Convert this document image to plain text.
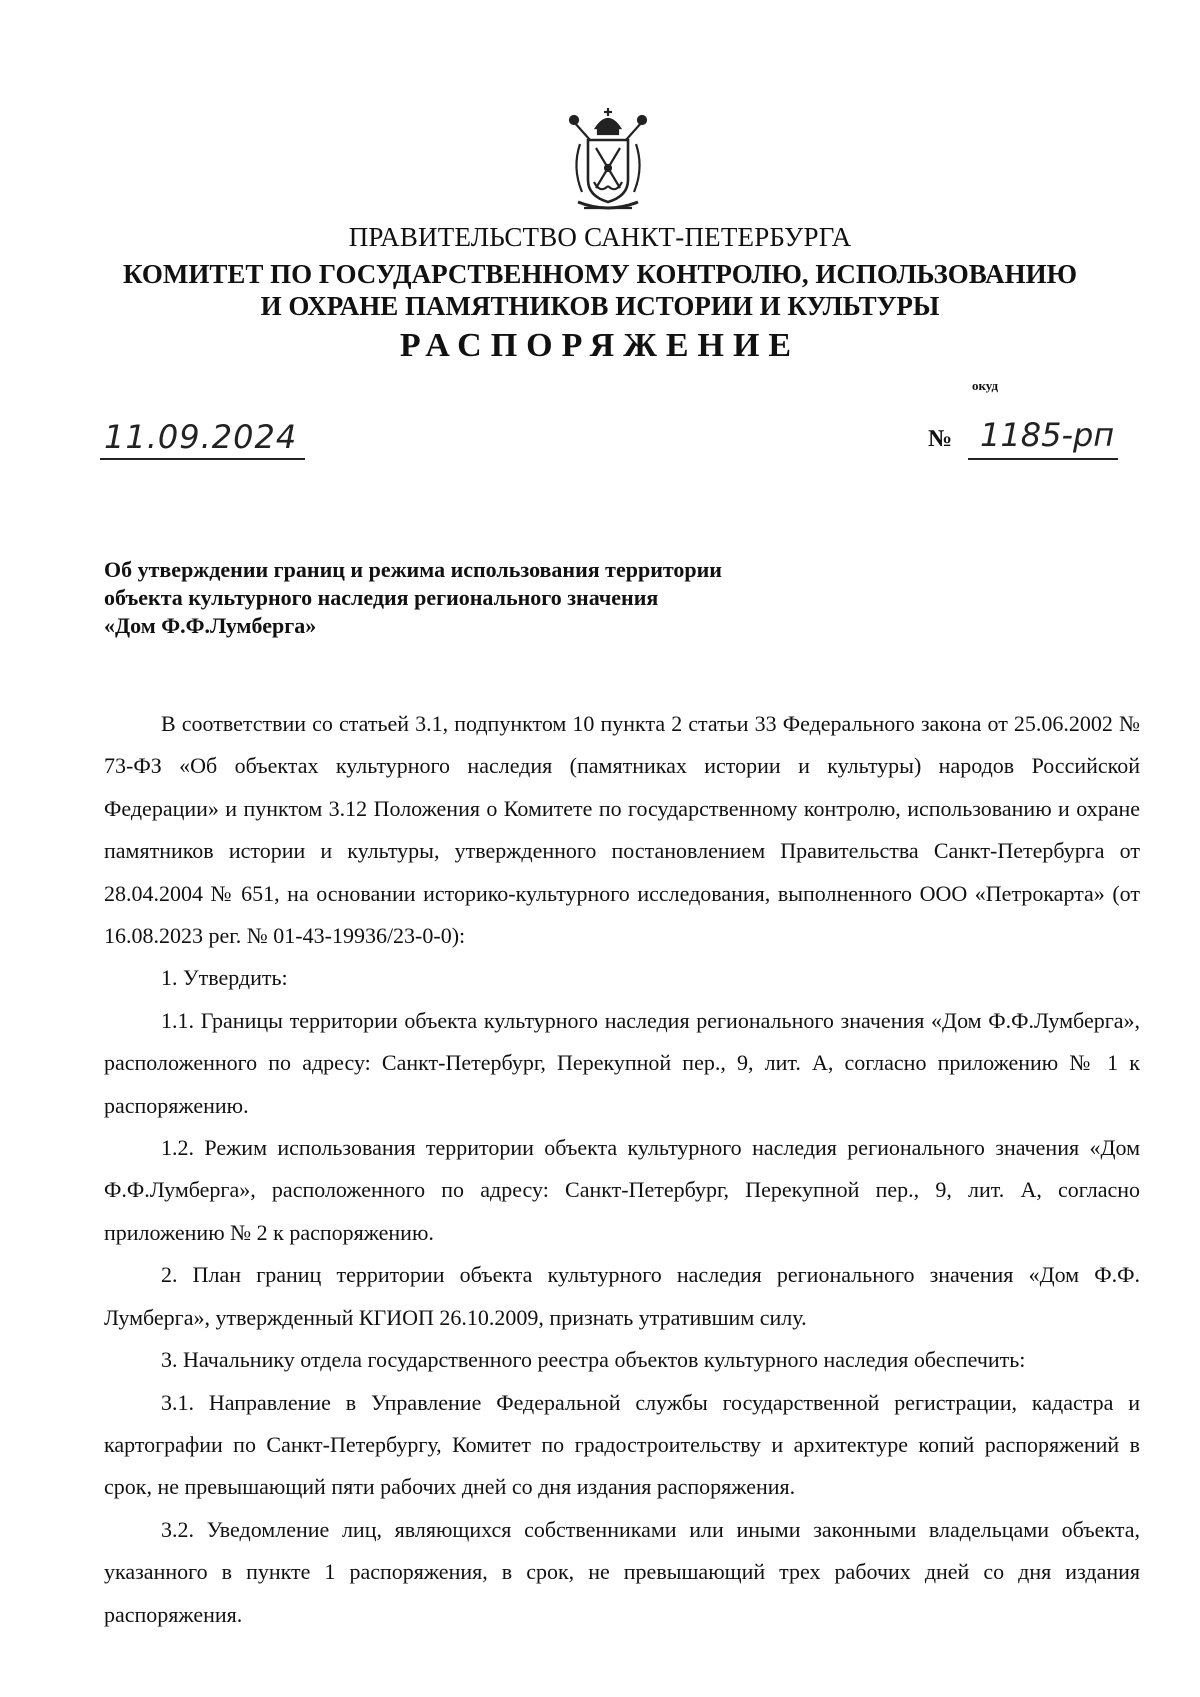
ПРАВИТЕЛЬСТВО САНКТ-ПЕТЕРБУРГА
КОМИТЕТ ПО ГОСУДАРСТВЕННОМУ КОНТРОЛЮ, ИСПОЛЬЗОВАНИЮ
И ОХРАНЕ ПАМЯТНИКОВ ИСТОРИИ И КУЛЬТУРЫ
РАСПОРЯЖЕНИЕ
окуд
11.09.2024	№ 1185-рп
Об утверждении границ и режима использования территории
объекта культурного наследия регионального значения
«Дом Ф.Ф.Лумберга»

В соответствии со статьей 3.1, подпунктом 10 пункта 2 статьи 33 Федерального закона от 25.06.2002 № 73-ФЗ «Об объектах культурного наследия (памятниках истории и культуры) народов Российской Федерации» и пунктом 3.12 Положения о Комитете по государственному контролю, использованию и охране памятников истории и культуры, утвержденного постановлением Правительства Санкт-Петербурга от 28.04.2004 № 651, на основании историко-культурного исследования, выполненного ООО «Петрокарта» (от 16.08.2023 рег. № 01-43-19936/23-0-0):

1. Утвердить:

1.1. Границы территории объекта культурного наследия регионального значения «Дом Ф.Ф.Лумберга», расположенного по адресу: Санкт-Петербург, Перекупной пер., 9, лит. А, согласно приложению № 1 к распоряжению.

1.2. Режим использования территории объекта культурного наследия регионального значения «Дом Ф.Ф.Лумберга», расположенного по адресу: Санкт-Петербург, Перекупной пер., 9, лит. А, согласно приложению № 2 к распоряжению.

2. План границ территории объекта культурного наследия регионального значения «Дом Ф.Ф. Лумберга», утвержденный КГИОП 26.10.2009, признать утратившим силу.

3. Начальнику отдела государственного реестра объектов культурного наследия обеспечить:

3.1. Направление в Управление Федеральной службы государственной регистрации, кадастра и картографии по Санкт-Петербургу, Комитет по градостроительству и архитектуре копий распоряжений в срок, не превышающий пяти рабочих дней со дня издания распоряжения.

3.2. Уведомление лиц, являющихся собственниками или иными законными владельцами объекта, указанного в пункте 1 распоряжения, в срок, не превышающий трех рабочих дней со дня издания распоряжения.
